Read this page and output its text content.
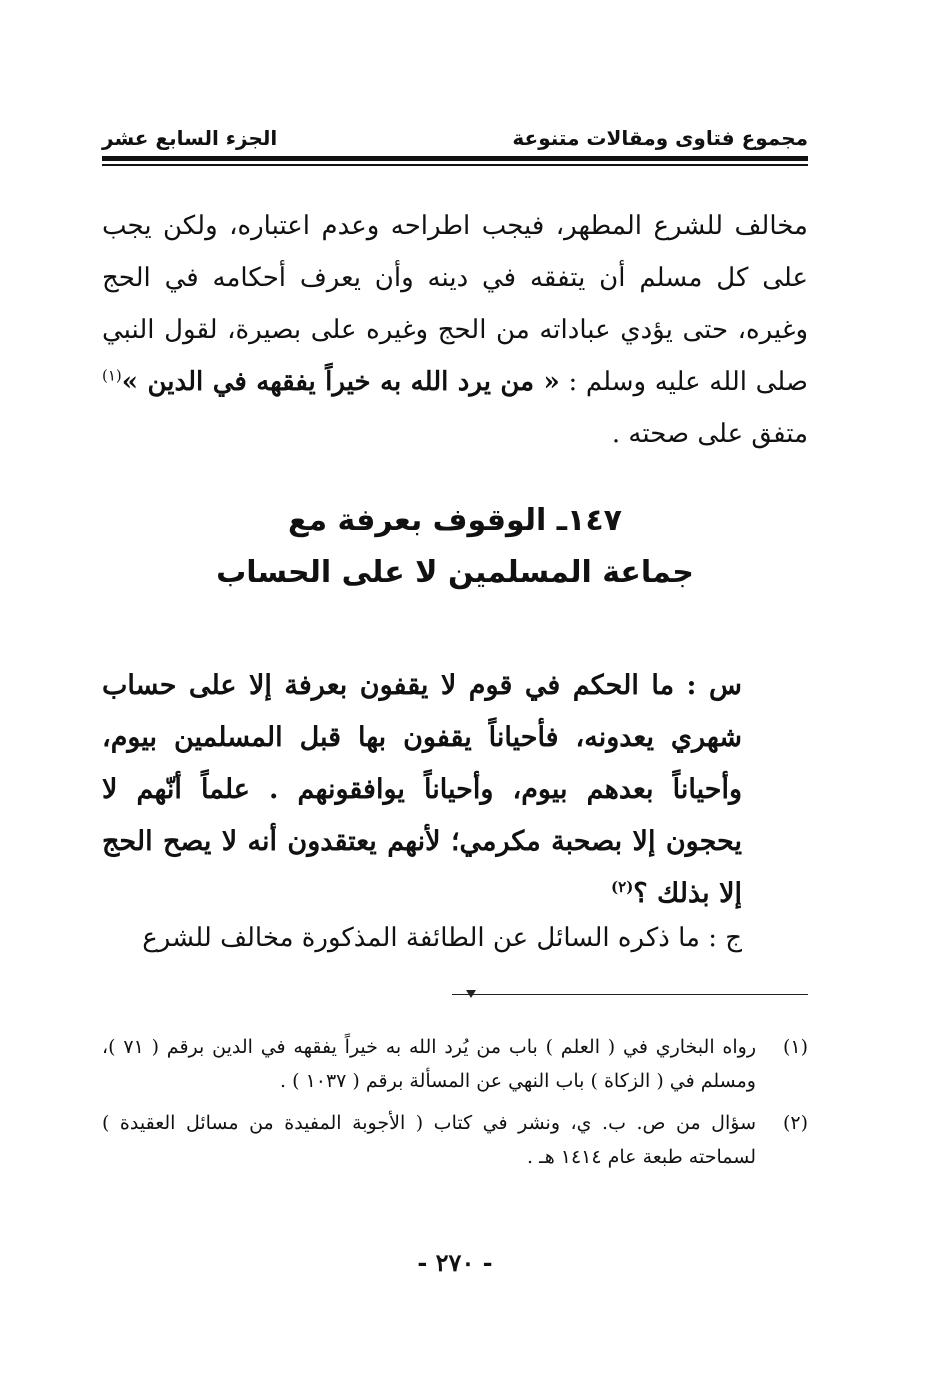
مجموع فتاوى ومقالات متنوعة
الجزء السابع عشر
مخالف للشرع المطهر، فيجب اطراحه وعدم اعتباره، ولكن يجب على كل مسلم أن يتفقه في دينه وأن يعرف أحكامه في الحج وغيره، حتى يؤدي عباداته من الحج وغيره على بصيرة، لقول النبي صلى الله عليه وسلم : « من يرد الله به خيراً يفقهه في الدين »$^{(١)}$ متفق على صحته .
١٤٧ـ الوقوف بعرفة مع
جماعة المسلمين لا على الحساب
س : ما الحكم في قوم لا يقفون بعرفة إلا على حساب شهري يعدونه، فأحياناً يقفون بها قبل المسلمين بيوم، وأحياناً بعدهم بيوم، وأحياناً يوافقونهم . علماً أنّهم لا يحجون إلا بصحبة مكرمي؛ لأنهم يعتقدون أنه لا يصح الحج إلا بذلك ؟$^{(٢)}$
ج : ما ذكره السائل عن الطائفة المذكورة مخالف للشرع
(١)
رواه البخاري في ( العلم ) باب من يُرد الله به خيراً يفقهه في الدين برقم ( ٧١ )، ومسلم في ( الزكاة ) باب النهي عن المسألة برقم ( ١٠٣٧ ) .
(٢)
سؤال من ص. ب. ي، ونشر في كتاب ( الأجوبة المفيدة من مسائل العقيدة ) لسماحته طبعة عام ١٤١٤ هـ .
- ٢٧٠ -
